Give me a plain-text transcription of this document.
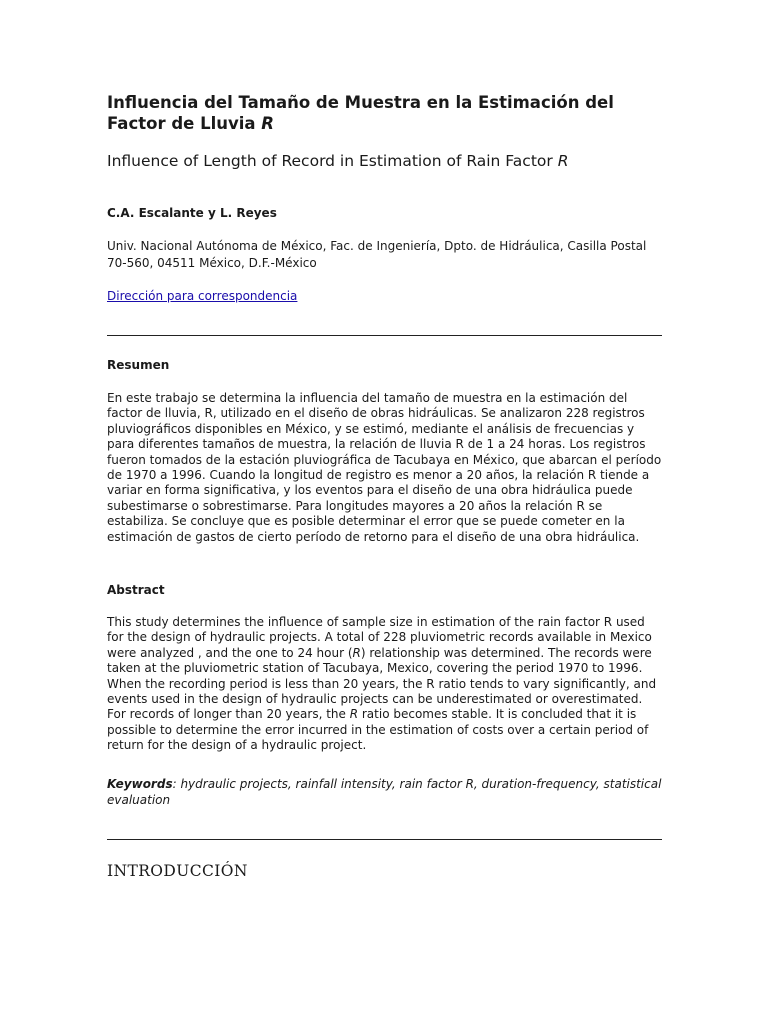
Influencia del Tamaño de Muestra en la Estimación del Factor de Lluvia R
Influence of Length of Record in Estimation of Rain Factor R
C.A. Escalante y L. Reyes
Univ. Nacional Autónoma de México, Fac. de Ingeniería, Dpto. de Hidráulica, Casilla Postal 70-560, 04511 México, D.F.-México
Dirección para correspondencia
Resumen
En este trabajo se determina la influencia del tamaño de muestra en la estimación del factor de lluvia, R, utilizado en el diseño de obras hidráulicas. Se analizaron 228 registros pluviográficos disponibles en México, y se estimó, mediante el análisis de frecuencias y para diferentes tamaños de muestra, la relación de lluvia R de 1 a 24 horas. Los registros fueron tomados de la estación pluviográfica de Tacubaya en México, que abarcan el período de 1970 a 1996. Cuando la longitud de registro es menor a 20 años, la relación R tiende a variar en forma significativa, y los eventos para el diseño de una obra hidráulica puede subestimarse o sobrestimarse. Para longitudes mayores a 20 años la relación R se estabiliza. Se concluye que es posible determinar el error que se puede cometer en la estimación de gastos de cierto período de retorno para el diseño de una obra hidráulica.
Abstract
This study determines the influence of sample size in estimation of the rain factor R used for the design of hydraulic projects. A total of 228 pluviometric records available in Mexico were analyzed , and the one to 24 hour (R) relationship was determined. The records were taken at the pluviometric station of Tacubaya, Mexico, covering the period 1970 to 1996. When the recording period is less than 20 years, the R ratio tends to vary significantly, and events used in the design of hydraulic projects can be underestimated or overestimated. For records of longer than 20 years, the R ratio becomes stable. It is concluded that it is possible to determine the error incurred in the estimation of costs over a certain period of return for the design of a hydraulic project.
Keywords: hydraulic projects, rainfall intensity, rain factor R, duration-frequency, statistical evaluation
INTRODUCCIÓN
